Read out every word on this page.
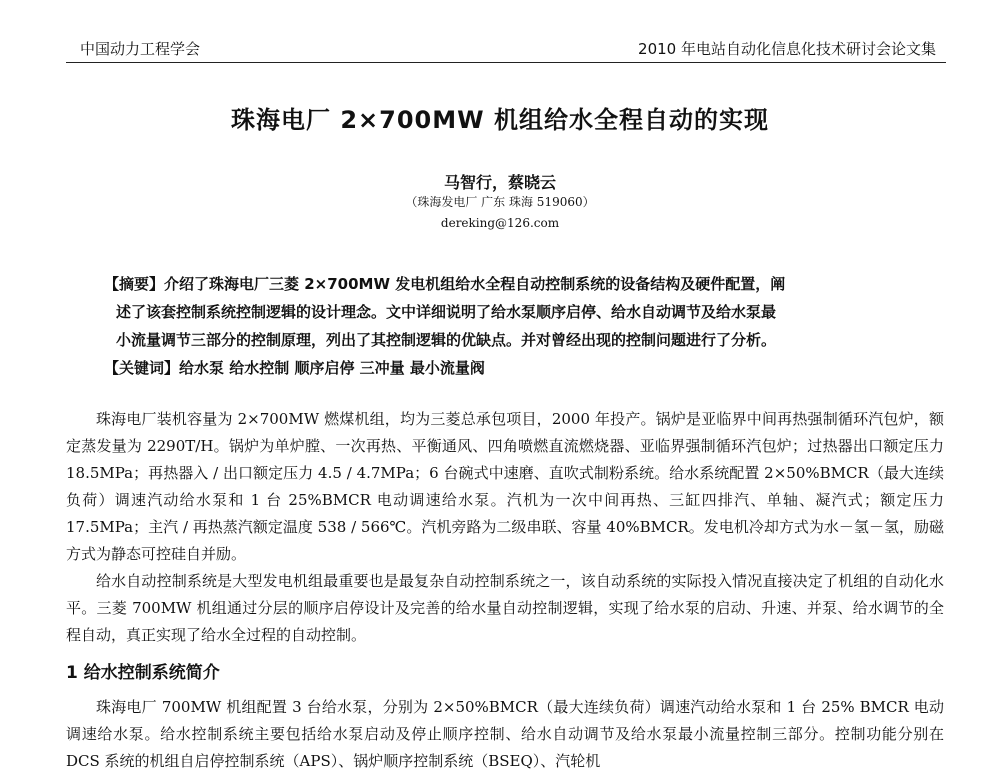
中国动力工程学会	2010 年电站自动化信息化技术研讨会论文集
珠海电厂 2×700MW 机组给水全程自动的实现
马智行，蔡晓云
（珠海发电厂 广东 珠海 519060）
dereking@126.com

【摘要】介绍了珠海电厂三菱 2×700MW 发电机组给水全程自动控制系统的设备结构及硬件配置，阐

述了该套控制系统控制逻辑的设计理念。文中详细说明了给水泵顺序启停、给水自动调节及给水泵最

小流量调节三部分的控制原理，列出了其控制逻辑的优缺点。并对曾经出现的控制问题进行了分析。

【关键词】给水泵 给水控制 顺序启停 三冲量 最小流量阀

珠海电厂装机容量为 2×700MW 燃煤机组，均为三菱总承包项目，2000 年投产。锅炉是亚临界中间再热强制循环汽包炉，额定蒸发量为 2290T/H。锅炉为单炉膛、一次再热、平衡通风、四角喷燃直流燃烧器、亚临界强制循环汽包炉；过热器出口额定压力 18.5MPa；再热器入 / 出口额定压力 4.5 / 4.7MPa；6 台碗式中速磨、直吹式制粉系统。给水系统配置 2×50%BMCR（最大连续负荷）调速汽动给水泵和 1 台 25%BMCR 电动调速给水泵。汽机为一次中间再热、三缸四排汽、单轴、凝汽式；额定压力 17.5MPa；主汽 / 再热蒸汽额定温度 538 / 566℃。汽机旁路为二级串联、容量 40%BMCR。发电机冷却方式为水－氢－氢，励磁方式为静态可控硅自并励。

给水自动控制系统是大型发电机组最重要也是最复杂自动控制系统之一，该自动系统的实际投入情况直接决定了机组的自动化水平。三菱 700MW 机组通过分层的顺序启停设计及完善的给水量自动控制逻辑，实现了给水泵的启动、升速、并泵、给水调节的全程自动，真正实现了给水全过程的自动控制。

1 给水控制系统简介

珠海电厂 700MW 机组配置 3 台给水泵，分别为 2×50%BMCR（最大连续负荷）调速汽动给水泵和 1 台 25% BMCR 电动调速给水泵。给水控制系统主要包括给水泵启动及停止顺序控制、给水自动调节及给水泵最小流量控制三部分。控制功能分别在 DCS 系统的机组自启停控制系统（APS）、锅炉顺序控制系统（BSEQ）、汽轮机
